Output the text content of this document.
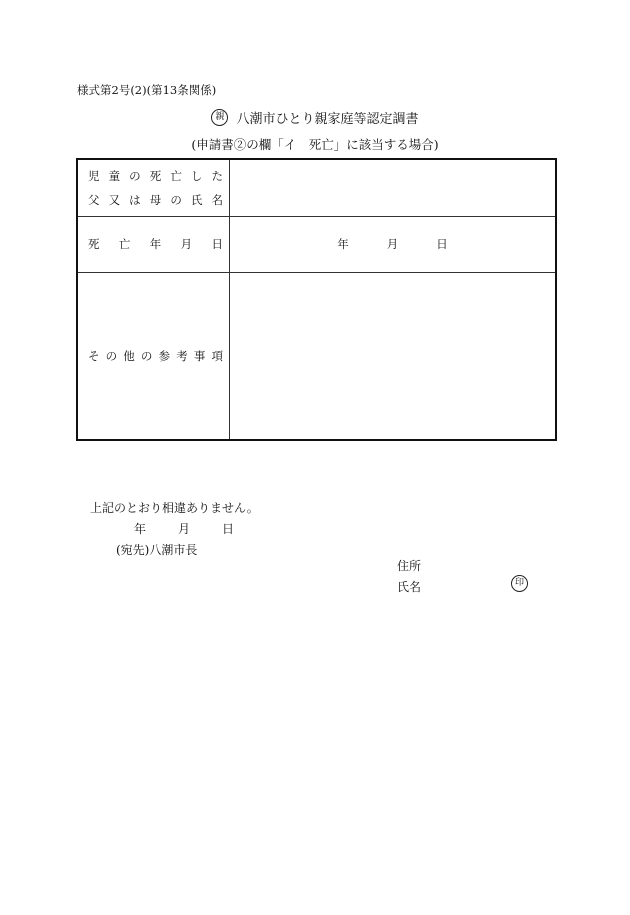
様式第2号(2)(第13条関係)
親 八潮市ひとり親家庭等認定調書
(申請書②の欄「イ　死亡」に該当する場合)
児童の死亡した
父又は母の氏名	

死亡年月日	年 月 日

その他の参考事項	

上記のとおり相違ありません。
年	月	日
(宛先)八潮市長
住所
氏名	印
